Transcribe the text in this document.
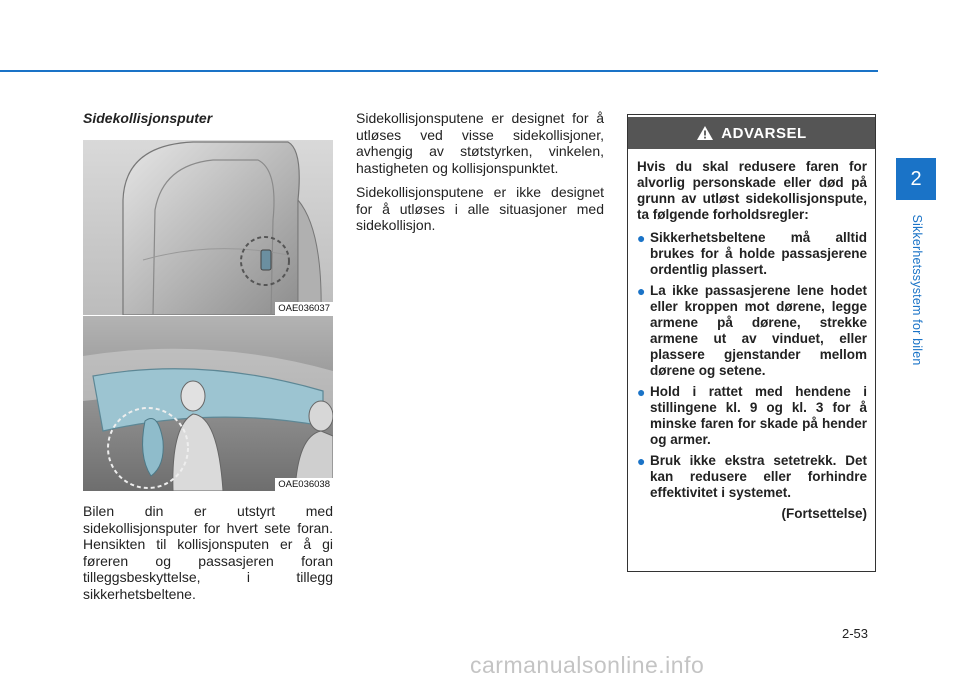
2
Sikkerhetssystem for bilen
Sidekollisjonsputer
OAE036037
OAE036038

Bilen din er utstyrt med sidekollisjonsputer for hvert sete foran. Hensikten til kollisjonsputen er å gi føreren og passasjeren foran tilleggsbeskyttelse, i tillegg sikkerhetsbeltene.

Sidekollisjonsputene er designet for å utløses ved visse sidekollisjoner, avhengig av støtstyrken, vinkelen, hastigheten og kollisjonspunktet.

Sidekollisjonsputene er ikke designet for å utløses i alle situasjoner med sidekollisjon.

ADVARSEL

Hvis du skal redusere faren for alvorlig personskade eller død på grunn av utløst sidekollisjonspute, ta følgende forholdsregler:

● Sikkerhetsbeltene må alltid brukes for å holde passasjerene ordentlig plassert.
● La ikke passasjerene lene hodet eller kroppen mot dørene, legge armene på dørene, strekke armene ut av vinduet, eller plassere gjenstander mellom dørene og setene.
● Hold i rattet med hendene i stillingene kl. 9 og kl. 3 for å minske faren for skade på hender og armer.
● Bruk ikke ekstra setetrekk. Det kan redusere eller forhindre effektivitet i systemet.
(Fortsettelse)
2-53
carmanualsonline.info
